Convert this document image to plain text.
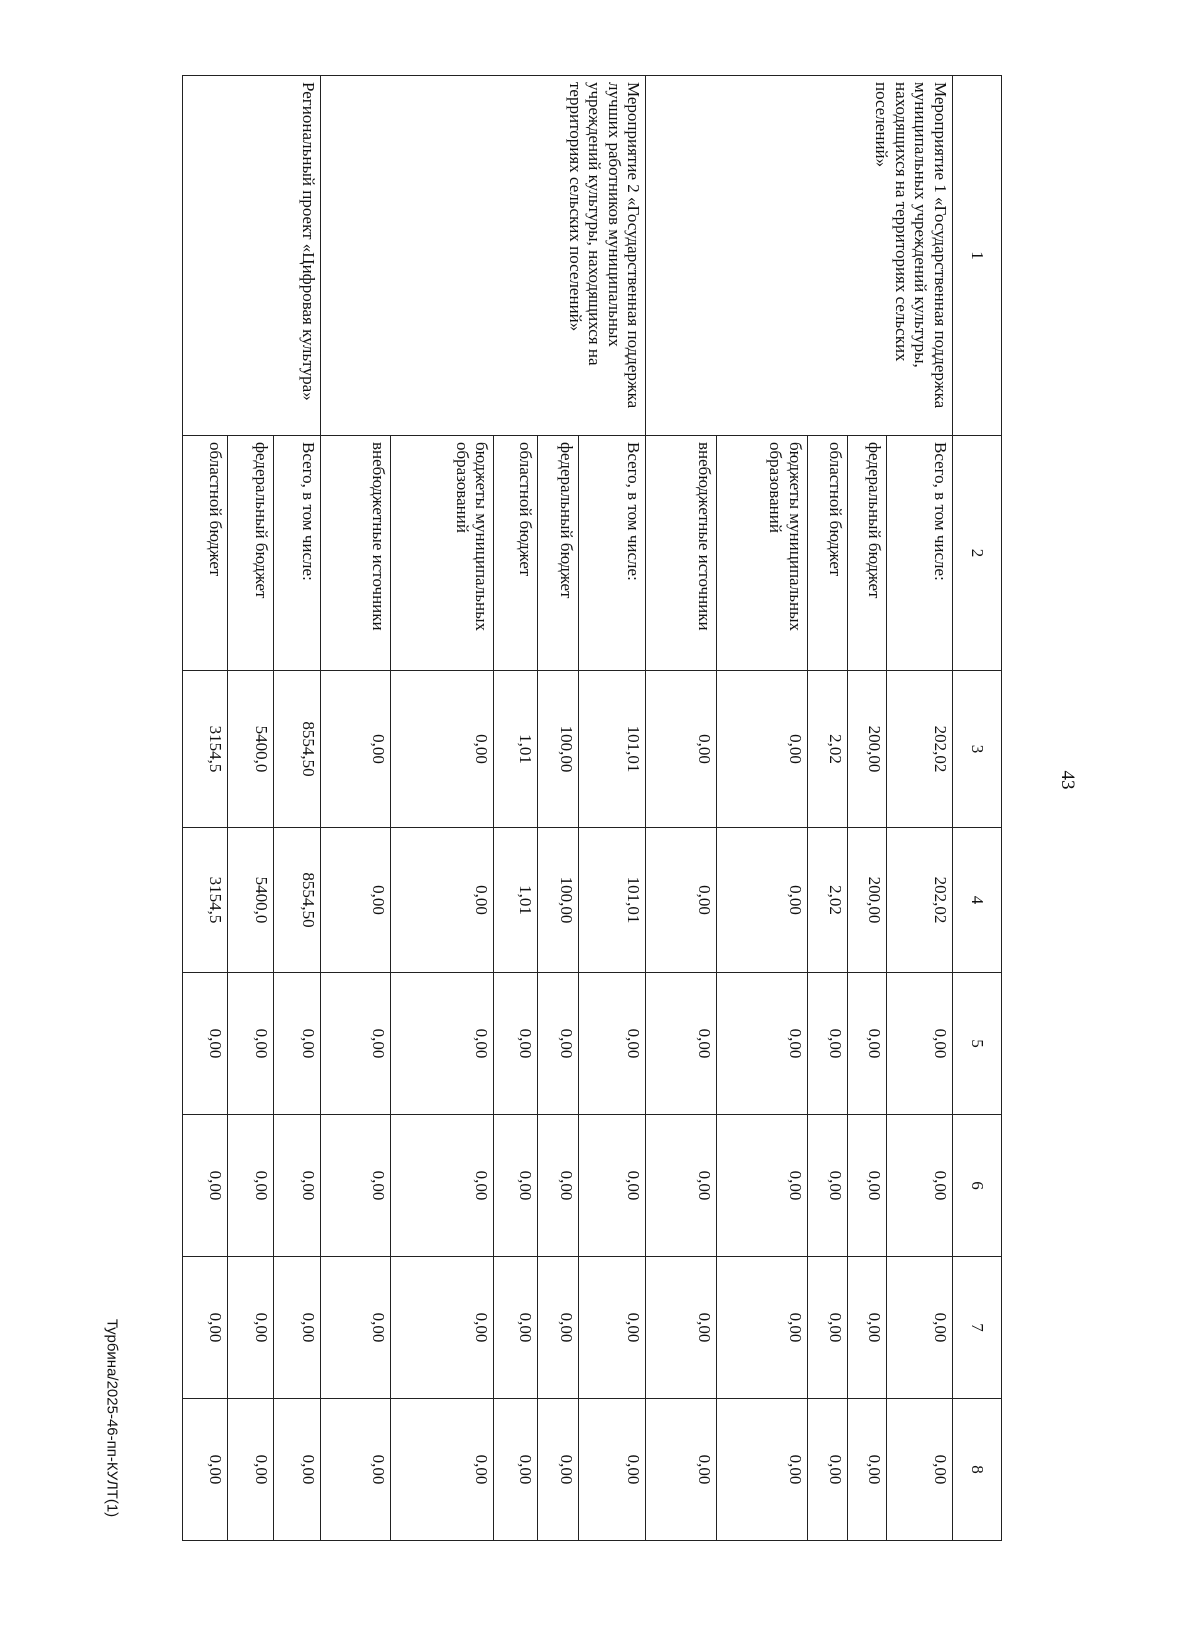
43
Турбина/2025-46-пп-КУЛТ(1)
1	2	3	4	5	6	7	8
Мероприятие 1 «Государственная поддержка муниципальных учреждений культуры, находящихся на территориях сельских поселений»	Всего, в том числе:	202,02	202,02	0,00	0,00	0,00	0,00
	федеральный бюджет	200,00	200,00	0,00	0,00	0,00	0,00
	областной бюджет	2,02	2,02	0,00	0,00	0,00	0,00
	бюджеты муниципальных образований	0,00	0,00	0,00	0,00	0,00	0,00
	внебюджетные источники	0,00	0,00	0,00	0,00	0,00	0,00
Мероприятие 2 «Государственная поддержка лучших работников муниципальных учреждений культуры, находящихся на территориях сельских поселений»	Всего, в том числе:	101,01	101,01	0,00	0,00	0,00	0,00
	федеральный бюджет	100,00	100,00	0,00	0,00	0,00	0,00
	областной бюджет	1,01	1,01	0,00	0,00	0,00	0,00
	бюджеты муниципальных образований	0,00	0,00	0,00	0,00	0,00	0,00
	внебюджетные источники	0,00	0,00	0,00	0,00	0,00	0,00
Региональный проект «Цифровая культура»	Всего, в том числе:	8554,50	8554,50	0,00	0,00	0,00	0,00
	федеральный бюджет	5400,0	5400,0	0,00	0,00	0,00	0,00
	областной бюджет	3154,5	3154,5	0,00	0,00	0,00	0,00
